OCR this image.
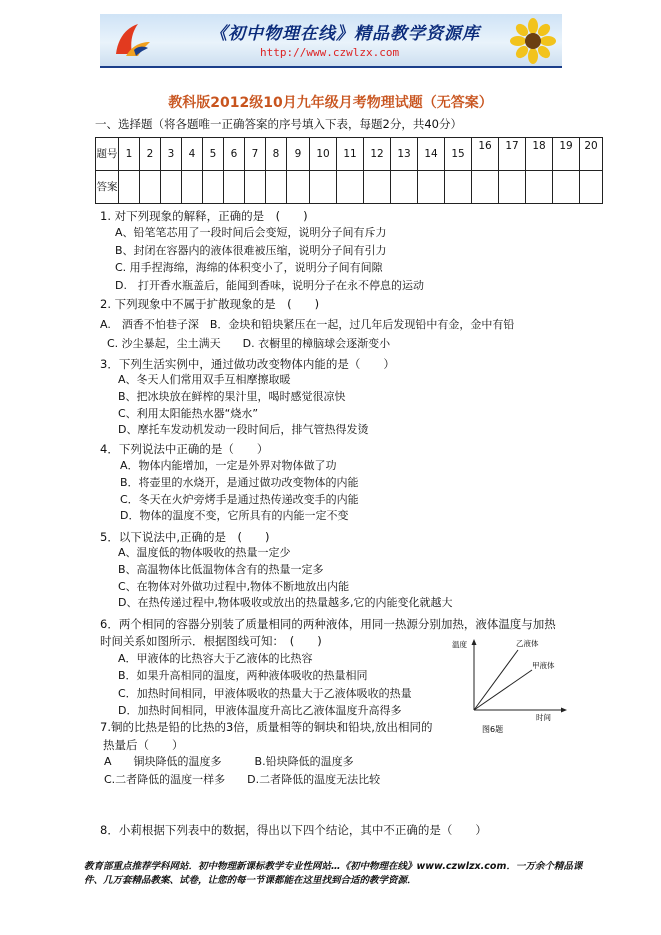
《初中物理在线》精品教学资源库
http://www.czwlzx.com
教科版2012级10月九年级月考物理试题（无答案）
一、选择题（将各题唯一正确答案的序号填入下表，每题2分，共40分）
题号	1	2	3	4	5	6	7	8	9	10	11	12	13	14	15	16	17	18	19	20
答案																				
1. 对下列现象的解释，正确的是　(　　)
A、铅笔笔芯用了一段时间后会变短，说明分子间有斥力
B、封闭在容器内的液体很难被压缩，说明分子间有引力
C. 用手捏海绵，海绵的体积变小了，说明分子间有间隙
D.　打开香水瓶盖后，能闻到香味，说明分子在永不停息的运动
2. 下列现象中不属于扩散现象的是　(　　)
A.　酒香不怕巷子深　B．金块和铅块紧压在一起，过几年后发现铅中有金，金中有铅
C. 沙尘暴起，尘土满天　　D. 衣橱里的樟脑球会逐渐变小
3．下列生活实例中，通过做功改变物体内能的是（　　）
A、冬天人们常用双手互相摩擦取暖
B、把冰块放在鲜榨的果汁里，喝时感觉很凉快
C、利用太阳能热水器“烧水”
D、摩托车发动机发动一段时间后，排气管热得发烫
4．下列说法中正确的是（　　）
A．物体内能增加，一定是外界对物体做了功
B．将壶里的水烧开，是通过做功改变物体的内能
C．冬天在火炉旁烤手是通过热传递改变手的内能
D．物体的温度不变，它所具有的内能一定不变
5．以下说法中,正确的是　(　　)
A、温度低的物体吸收的热量一定少
B、高温物体比低温物体含有的热量一定多
C、在物体对外做功过程中,物体不断地放出内能
D、在热传递过程中,物体吸收或放出的热量越多,它的内能变化就越大
6．两个相同的容器分别装了质量相同的两种液体，用同一热源分别加热，液体温度与加热
时间关系如图所示．根据图线可知：　(　　)
A．甲液体的比热容大于乙液体的比热容
B．如果升高相同的温度，两种液体吸收的热量相同
C．加热时间相同，甲液体吸收的热量大于乙液体吸收的热量
D．加热时间相同，甲液体温度升高比乙液体温度升高得多
7.铜的比热是铅的比热的3倍，质量相等的铜块和铅块,放出相同的
热量后（　　）
A　　铜块降低的温度多　　　B.铅块降低的温度多
C.二者降低的温度一样多　　D.二者降低的温度无法比较
8．小莉根据下列表中的数据，得出以下四个结论，其中不正确的是（　　）
温度
时间
乙液体
甲液体
图6题
教育部重点推荐学科网站．初中物理新课标教学专业性网站…《初中物理在线》www.czwlzx.com．一万余个精品课件、几万套精品教案、试卷，让您的每一节课都能在这里找到合适的教学资源．
